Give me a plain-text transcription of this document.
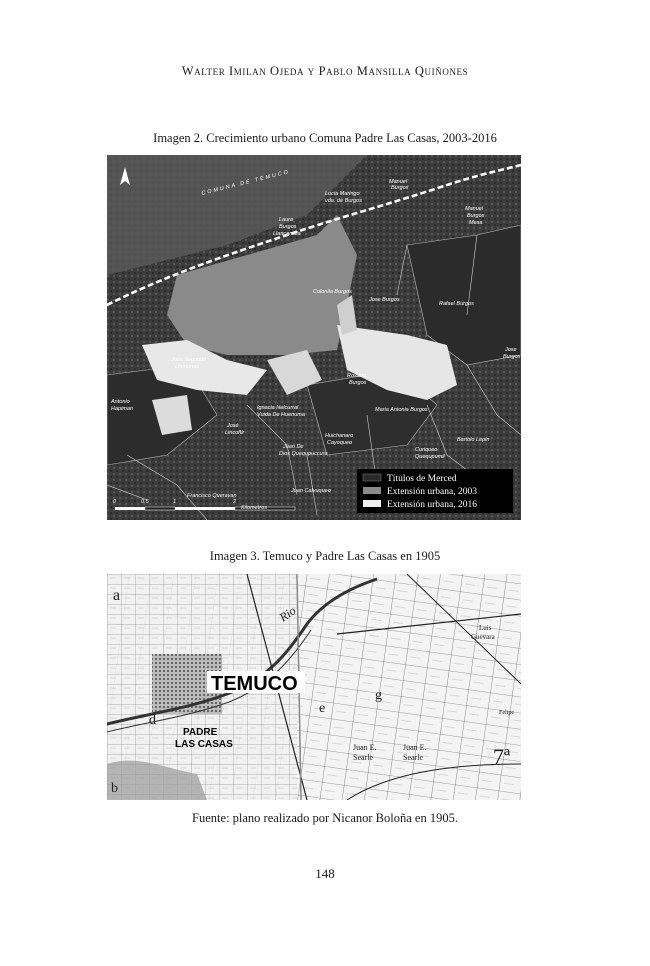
Walter Imilan Ojeda y Pablo Mansilla Quiñones
Imagen 2. Crecimiento urbano Comuna Padre Las Casas, 2003-2016
COMUNA DE TEMUCO	Lucia Maringo
vda. de Burgos
Manuel
Burgos
Manuel
Burgos
Mesa
Laura
Burgos
Llancamilla
Colonila Burgos
Jose Burgos
Rafael Burgos
Jose Segundo
Llamunao
Rosario
Burgos
Antonio
Hapiman	Ignacia Nelcurral
Vuida De Huenuma
Maria Antonia Burgos
José
Lincoñir	Huichanaro
Cayoqueo	Bartolo Lepin
Curiqueo
Quequpumil
Juan De
Dios Quequpuccura
Juan Calvuqueo
Francisco Queravan
Jose
Burgos
0	0.5	1	2
Kilometros
Títulos de Merced
Extensión urbana, 2003
Extensión urbana, 2016
Imagen 3. Temuco y Padre Las Casas en 1905
TEMUCO
PADRE
LAS CASAS
Rio
Juan E.
Searle
Juan E.
Searle	7ª
a
b
d
e
g
Guevara
Luis
Felipe
Fuente: plano realizado por Nicanor Boloña en 1905.
148
